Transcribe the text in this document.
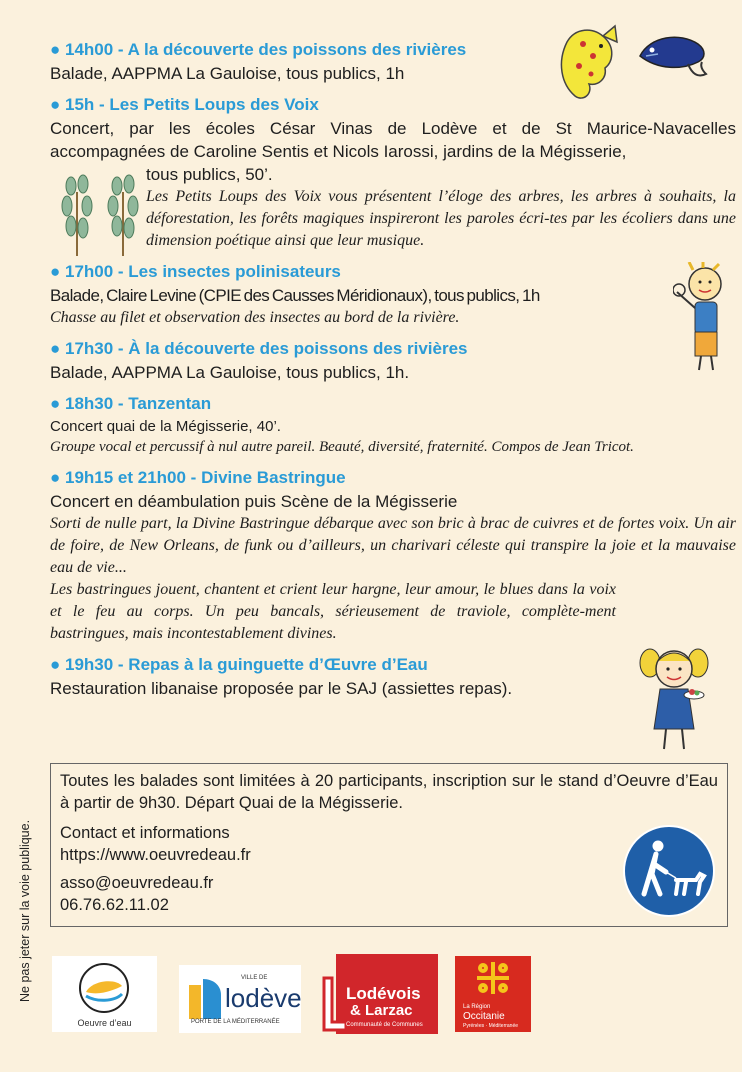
● 14h00 - A la découverte des poissons des rivières
Balade, AAPPMA La Gauloise, tous publics, 1h
● 15h - Les Petits Loups des Voix
Concert, par les écoles César Vinas de Lodève et de St Maurice-Navacelles accompagnées de Caroline Sentis et Nicols Iarossi, jardins de la Mégisserie,
tous publics, 50’.
Les Petits Loups des Voix vous présentent l’éloge des arbres, les arbres à souhaits, la déforestation, les forêts magiques inspireront les paroles écri-tes par les écoliers dans une dimension poétique ainsi que leur musique.
● 17h00 - Les insectes polinisateurs
Balade, Claire Levine (CPIE des Causses Méridionaux), tous publics, 1h
Chasse au filet et observation des insectes au bord de la rivière.
● 17h30 - À la découverte des poissons des rivières
Balade, AAPPMA La Gauloise, tous publics, 1h.
● 18h30 - Tanzentan
Concert quai de la Mégisserie, 40’.
Groupe vocal et percussif à nul autre pareil. Beauté, diversité, fraternité. Compos de Jean Tricot.
● 19h15 et 21h00 - Divine Bastringue
Concert en déambulation puis Scène de la Mégisserie
Sorti de nulle part, la Divine Bastringue débarque avec son bric à brac de cuivres et de fortes voix. Un air de foire, de New Orleans, de funk ou d’ailleurs, un charivari céleste qui transpire la joie et la mauvaise eau de vie...
Les bastringues jouent, chantent et crient leur hargne, leur amour, le blues dans la voix et le feu au corps. Un peu bancals, sérieusement de traviole, complète-ment bastringues, mais incontestablement divines.
● 19h30 - Repas à la guinguette d’Œuvre d’Eau
Restauration libanaise proposée par le SAJ (assiettes repas).
Toutes les balades sont limitées à 20 participants, inscription sur le stand d’Oeuvre d’Eau à partir de 9h30. Départ Quai de la Mégisserie.
Contact et informations
https://www.oeuvredeau.fr
asso@oeuvredeau.fr
06.76.62.11.02
Ne pas jeter sur la voie publique.
Oeuvre d’eau
VILLE DE
lodève
PORTE DE LA MÉDITERRANÉE
Lodévois
& Larzac
Communauté de Communes
La Région
Occitanie
Pyrénées · Méditerranée
